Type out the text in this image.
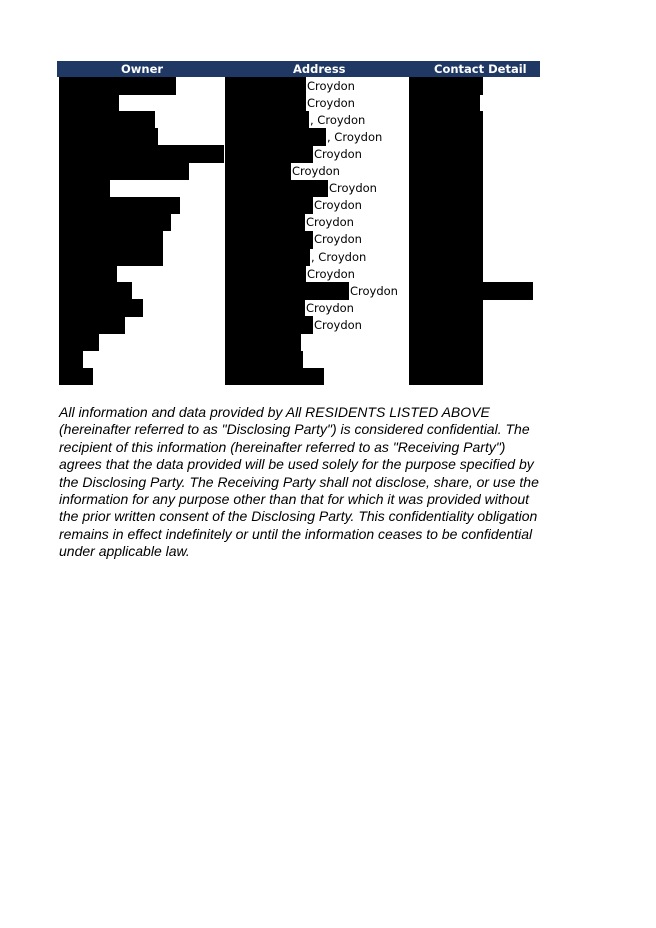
Owner	Address	Contact Detail
Croydon
Croydon
, Croydon
, Croydon
Croydon
Croydon
Croydon
Croydon
Croydon
Croydon
, Croydon
Croydon
Croydon
Croydon
Croydon

All information and data provided by All RESIDENTS LISTED ABOVE (hereinafter referred to as "Disclosing Party") is considered confidential. The recipient of this information (hereinafter referred to as "Receiving Party") agrees that the data provided will be used solely for the purpose specified by the Disclosing Party. The Receiving Party shall not disclose, share, or use the information for any purpose other than that for which it was provided without the prior written consent of the Disclosing Party. This confidentiality obligation remains in effect indefinitely or until the information ceases to be confidential under applicable law.
